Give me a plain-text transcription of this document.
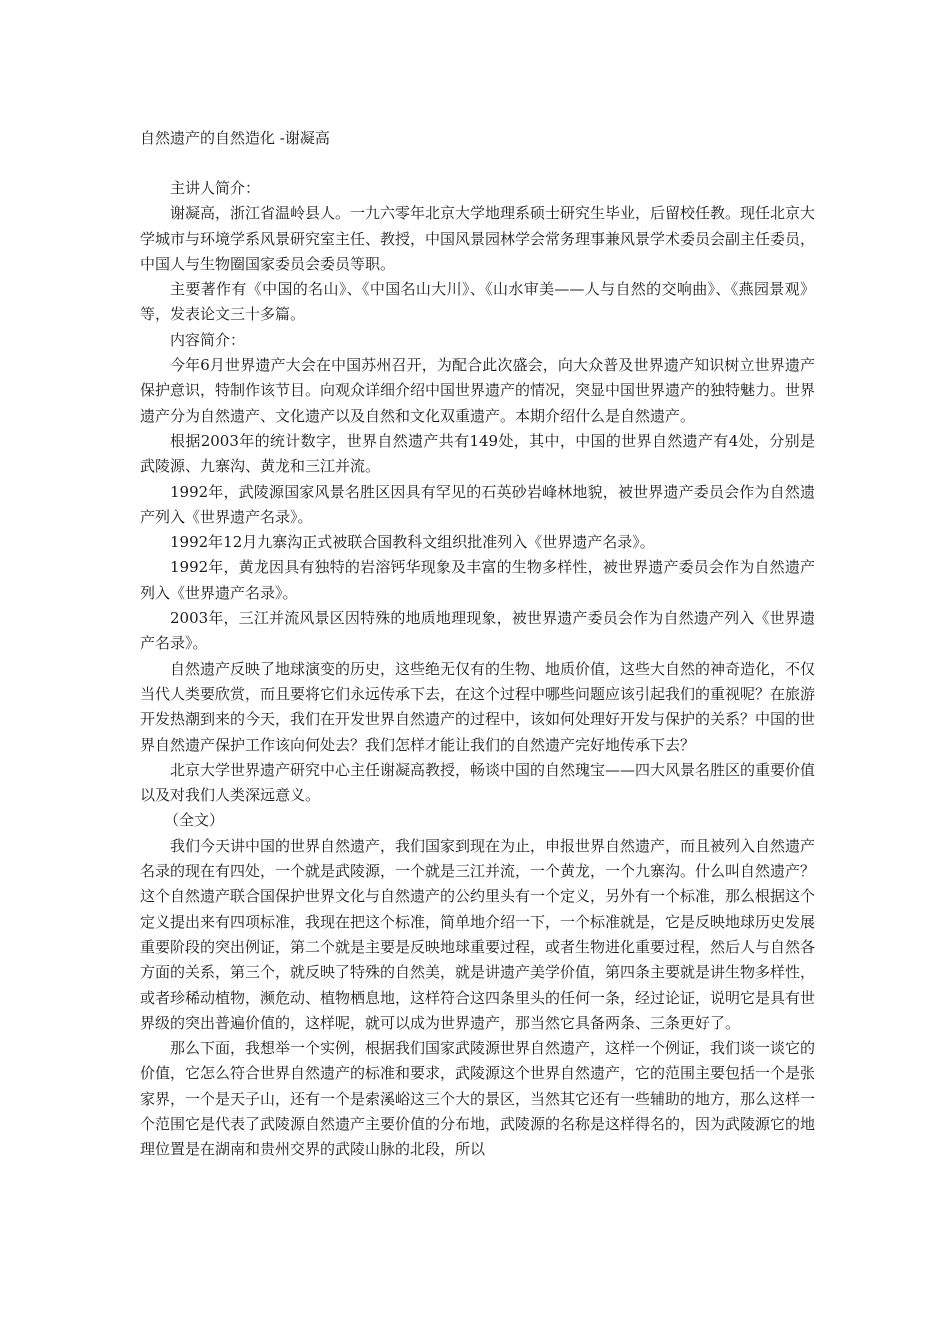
自然遗产的自然造化 -谢凝高

主讲人简介：

谢凝高，浙江省温岭县人。一九六零年北京大学地理系硕士研究生毕业，后留校任教。现任北京大学城市与环境学系风景研究室主任、教授，中国风景园林学会常务理事兼风景学术委员会副主任委员，中国人与生物圈国家委员会委员等职。

主要著作有《中国的名山》、《中国名山大川》、《山水审美——人与自然的交响曲》、《燕园景观》等，发表论文三十多篇。

内容简介：

今年6月世界遗产大会在中国苏州召开，为配合此次盛会，向大众普及世界遗产知识树立世界遗产保护意识，特制作该节目。向观众详细介绍中国世界遗产的情况，突显中国世界遗产的独特魅力。世界遗产分为自然遗产、文化遗产以及自然和文化双重遗产。本期介绍什么是自然遗产。

根据2003年的统计数字，世界自然遗产共有149处，其中，中国的世界自然遗产有4处，分别是武陵源、九寨沟、黄龙和三江并流。

1992年，武陵源国家风景名胜区因具有罕见的石英砂岩峰林地貌，被世界遗产委员会作为自然遗产列入《世界遗产名录》。

1992年12月九寨沟正式被联合国教科文组织批准列入《世界遗产名录》。

1992年，黄龙因具有独特的岩溶钙华现象及丰富的生物多样性，被世界遗产委员会作为自然遗产列入《世界遗产名录》。

2003年，三江并流风景区因特殊的地质地理现象，被世界遗产委员会作为自然遗产列入《世界遗产名录》。

自然遗产反映了地球演变的历史，这些绝无仅有的生物、地质价值，这些大自然的神奇造化，不仅当代人类要欣赏，而且要将它们永远传承下去，在这个过程中哪些问题应该引起我们的重视呢？在旅游开发热潮到来的今天，我们在开发世界自然遗产的过程中，该如何处理好开发与保护的关系？中国的世界自然遗产保护工作该向何处去？我们怎样才能让我们的自然遗产完好地传承下去？

北京大学世界遗产研究中心主任谢凝高教授，畅谈中国的自然瑰宝——四大风景名胜区的重要价值以及对我们人类深远意义。

（全文）

我们今天讲中国的世界自然遗产，我们国家到现在为止，申报世界自然遗产，而且被列入自然遗产名录的现在有四处，一个就是武陵源，一个就是三江并流，一个黄龙，一个九寨沟。什么叫自然遗产？这个自然遗产联合国保护世界文化与自然遗产的公约里头有一个定义，另外有一个标准，那么根据这个定义提出来有四项标准，我现在把这个标准，简单地介绍一下，一个标准就是，它是反映地球历史发展重要阶段的突出例证，第二个就是主要是反映地球重要过程，或者生物进化重要过程，然后人与自然各方面的关系，第三个，就反映了特殊的自然美，就是讲遗产美学价值，第四条主要就是讲生物多样性，或者珍稀动植物，濒危动、植物栖息地，这样符合这四条里头的任何一条，经过论证，说明它是具有世界级的突出普遍价值的，这样呢，就可以成为世界遗产，那当然它具备两条、三条更好了。

那么下面，我想举一个实例，根据我们国家武陵源世界自然遗产，这样一个例证，我们谈一谈它的价值，它怎么符合世界自然遗产的标准和要求，武陵源这个世界自然遗产，它的范围主要包括一个是张家界，一个是天子山，还有一个是索溪峪这三个大的景区，当然其它还有一些辅助的地方，那么这样一个范围它是代表了武陵源自然遗产主要价值的分布地，武陵源的名称是这样得名的，因为武陵源它的地理位置是在湖南和贵州交界的武陵山脉的北段，所以
